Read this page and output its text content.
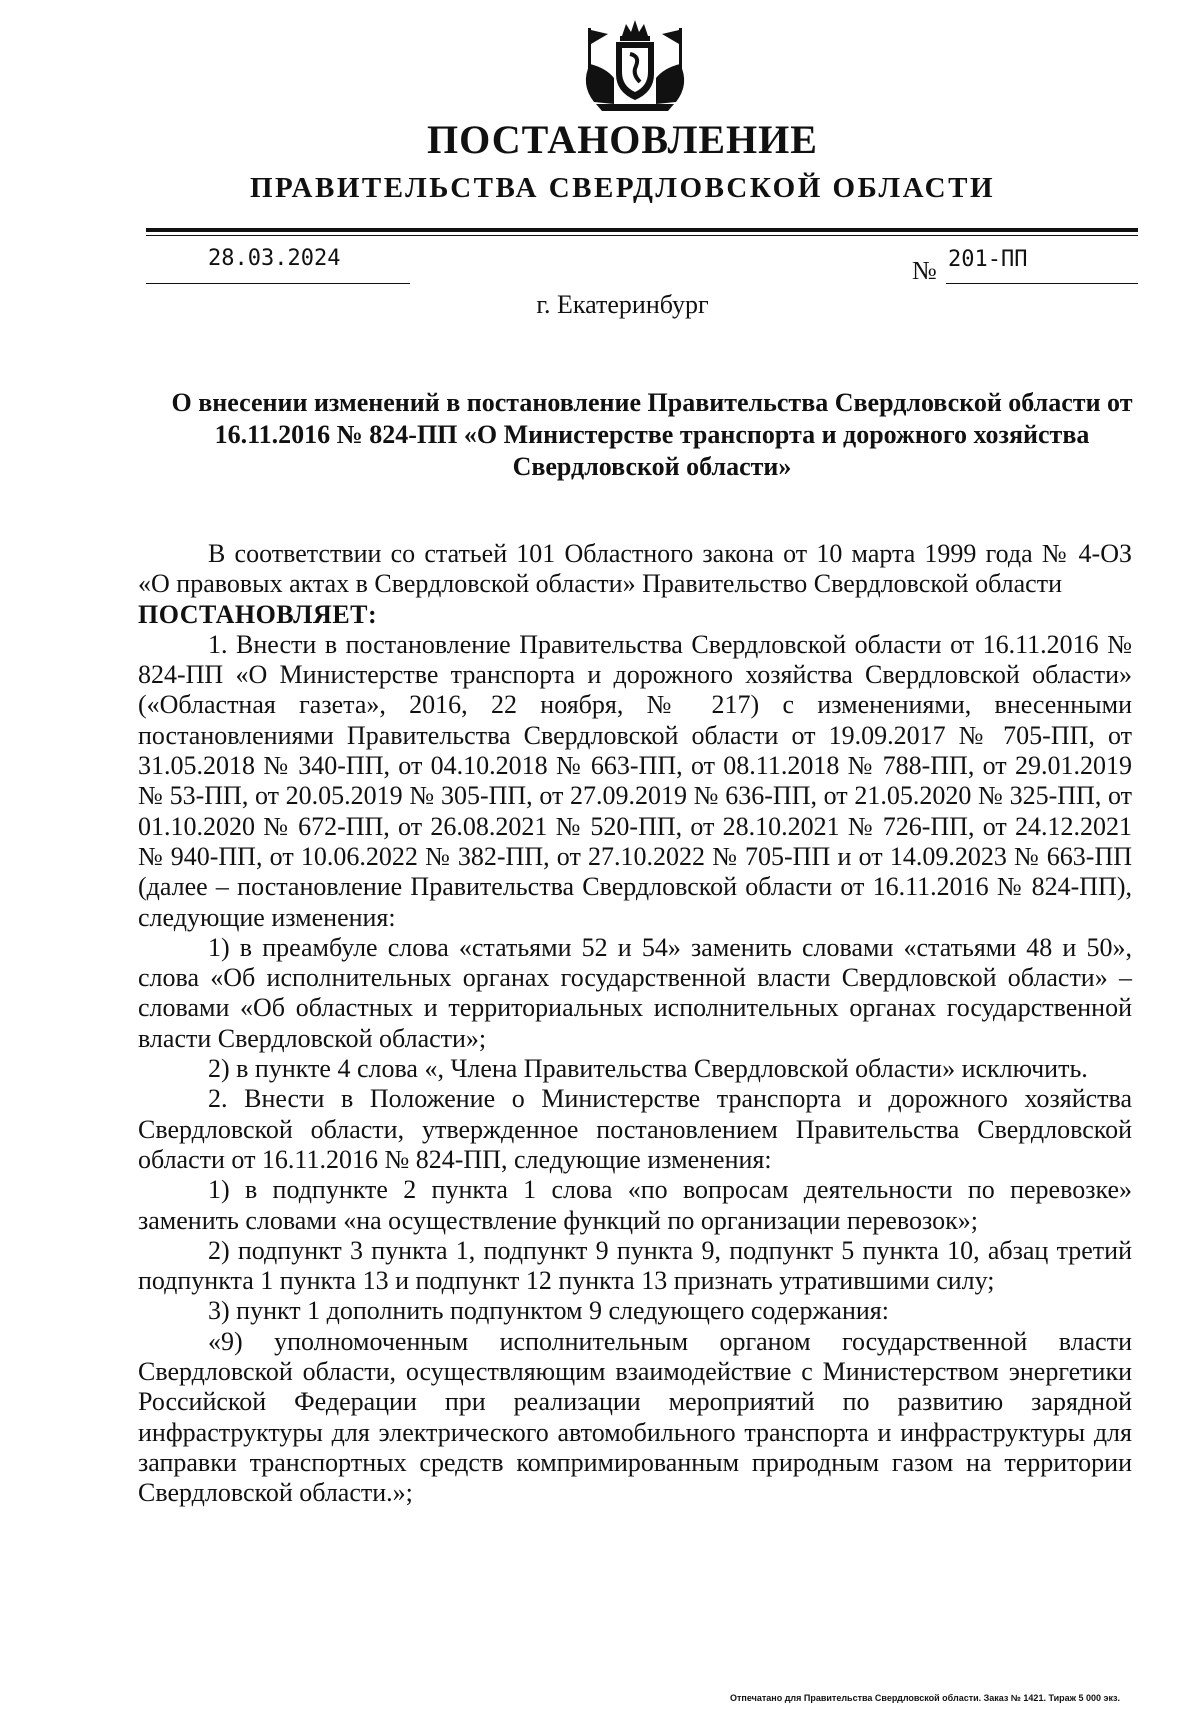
ПОСТАНОВЛЕНИЕ
ПРАВИТЕЛЬСТВА СВЕРДЛОВСКОЙ ОБЛАСТИ
28.03.2024	№ 201-ПП
г. Екатеринбург
О внесении изменений в постановление Правительства Свердловской области от 16.11.2016 № 824-ПП «О Министерстве транспорта и дорожного хозяйства Свердловской области»

В соответствии со статьей 101 Областного закона от 10 марта 1999 года № 4-ОЗ «О правовых актах в Свердловской области» Правительство Свердловской области

ПОСТАНОВЛЯЕТ:

1. Внести в постановление Правительства Свердловской области от 16.11.2016 № 824-ПП «О Министерстве транспорта и дорожного хозяйства Свердловской области» («Областная газета», 2016, 22 ноября, № 217) с изменениями, внесенными постановлениями Правительства Свердловской области от 19.09.2017 № 705-ПП, от 31.05.2018 № 340-ПП, от 04.10.2018 № 663-ПП, от 08.11.2018 № 788-ПП, от 29.01.2019 № 53-ПП, от 20.05.2019 № 305-ПП, от 27.09.2019 № 636-ПП, от 21.05.2020 № 325-ПП, от 01.10.2020 № 672-ПП, от 26.08.2021 № 520-ПП, от 28.10.2021 № 726-ПП, от 24.12.2021 № 940-ПП, от 10.06.2022 № 382-ПП, от 27.10.2022 № 705-ПП и от 14.09.2023 № 663-ПП (далее – постановление Правительства Свердловской области от 16.11.2016 № 824-ПП), следующие изменения:

1) в преамбуле слова «статьями 52 и 54» заменить словами «статьями 48 и 50», слова «Об исполнительных органах государственной власти Свердловской области» – словами «Об областных и территориальных исполнительных органах государственной власти Свердловской области»;

2) в пункте 4 слова «, Члена Правительства Свердловской области» исключить.

2. Внести в Положение о Министерстве транспорта и дорожного хозяйства Свердловской области, утвержденное постановлением Правительства Свердловской области от 16.11.2016 № 824-ПП, следующие изменения:

1) в подпункте 2 пункта 1 слова «по вопросам деятельности по перевозке» заменить словами «на осуществление функций по организации перевозок»;

2) подпункт 3 пункта 1, подпункт 9 пункта 9, подпункт 5 пункта 10, абзац третий подпункта 1 пункта 13 и подпункт 12 пункта 13 признать утратившими силу;

3) пункт 1 дополнить подпунктом 9 следующего содержания:

«9) уполномоченным исполнительным органом государственной власти Свердловской области, осуществляющим взаимодействие с Министерством энергетики Российской Федерации при реализации мероприятий по развитию зарядной инфраструктуры для электрического автомобильного транспорта и инфраструктуры для заправки транспортных средств компримированным природным газом на территории Свердловской области.»;

Отпечатано для Правительства Свердловской области. Заказ № 1421. Тираж 5 000 экз.
